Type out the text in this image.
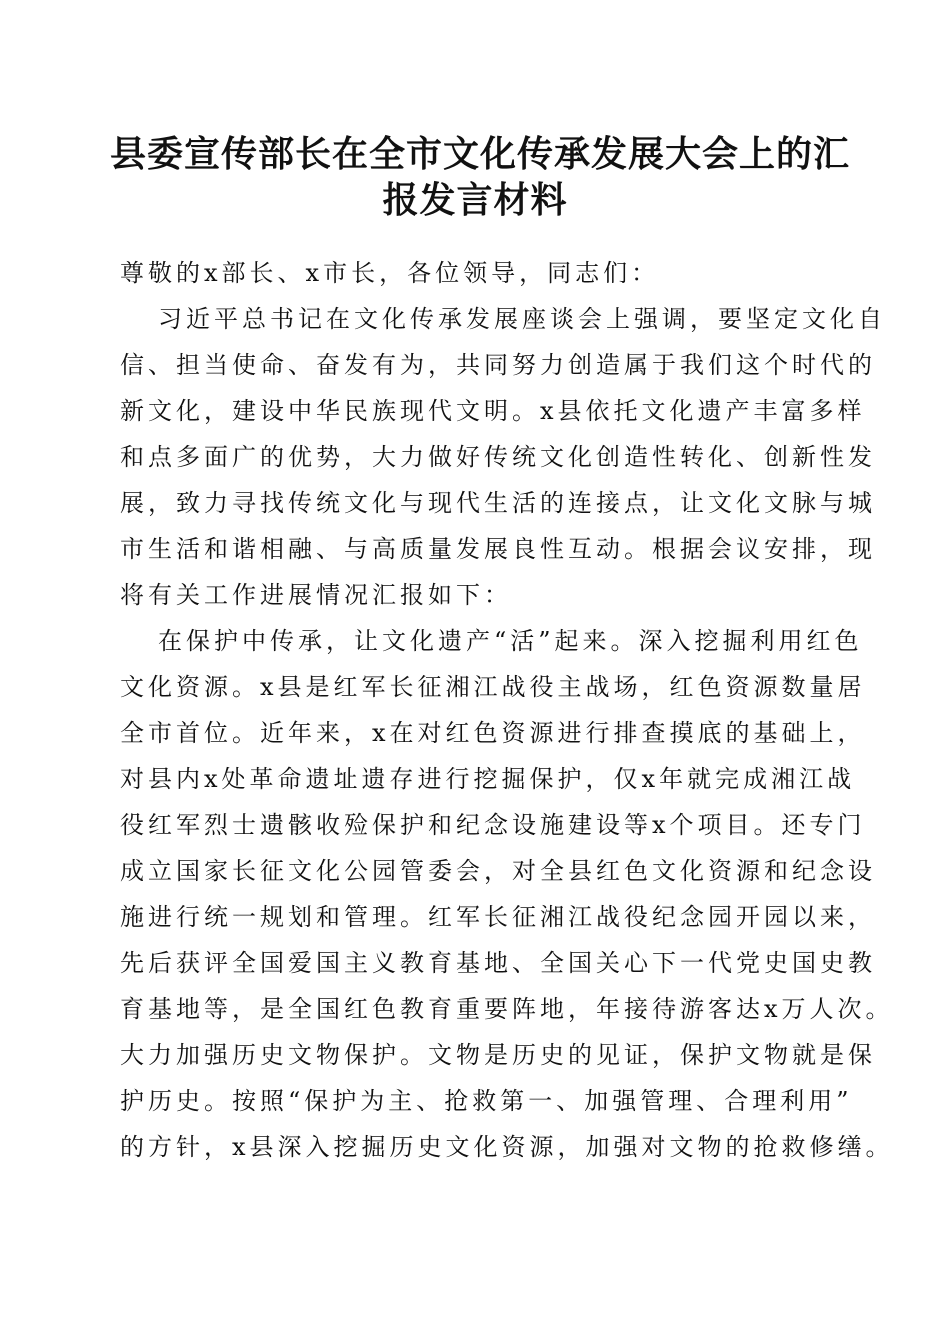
县委宣传部长在全市文化传承发展大会上的汇
报发言材料
尊敬的x部长、x市长，各位领导，同志们：
习近平总书记在文化传承发展座谈会上强调，要坚定文化自
信、担当使命、奋发有为，共同努力创造属于我们这个时代的
新文化，建设中华民族现代文明。x县依托文化遗产丰富多样
和点多面广的优势，大力做好传统文化创造性转化、创新性发
展，致力寻找传统文化与现代生活的连接点，让文化文脉与城
市生活和谐相融、与高质量发展良性互动。根据会议安排，现
将有关工作进展情况汇报如下：
在保护中传承，让文化遗产“活”起来。深入挖掘利用红色
文化资源。x县是红军长征湘江战役主战场，红色资源数量居
全市首位。近年来，x在对红色资源进行排查摸底的基础上，
对县内x处革命遗址遗存进行挖掘保护，仅x年就完成湘江战
役红军烈士遗骸收殓保护和纪念设施建设等x个项目。还专门
成立国家长征文化公园管委会，对全县红色文化资源和纪念设
施进行统一规划和管理。红军长征湘江战役纪念园开园以来，
先后获评全国爱国主义教育基地、全国关心下一代党史国史教
育基地等，是全国红色教育重要阵地，年接待游客达x万人次。
大力加强历史文物保护。文物是历史的见证，保护文物就是保
护历史。按照“保护为主、抢救第一、加强管理、合理利用”
的方针，x县深入挖掘历史文化资源，加强对文物的抢救修缮。
